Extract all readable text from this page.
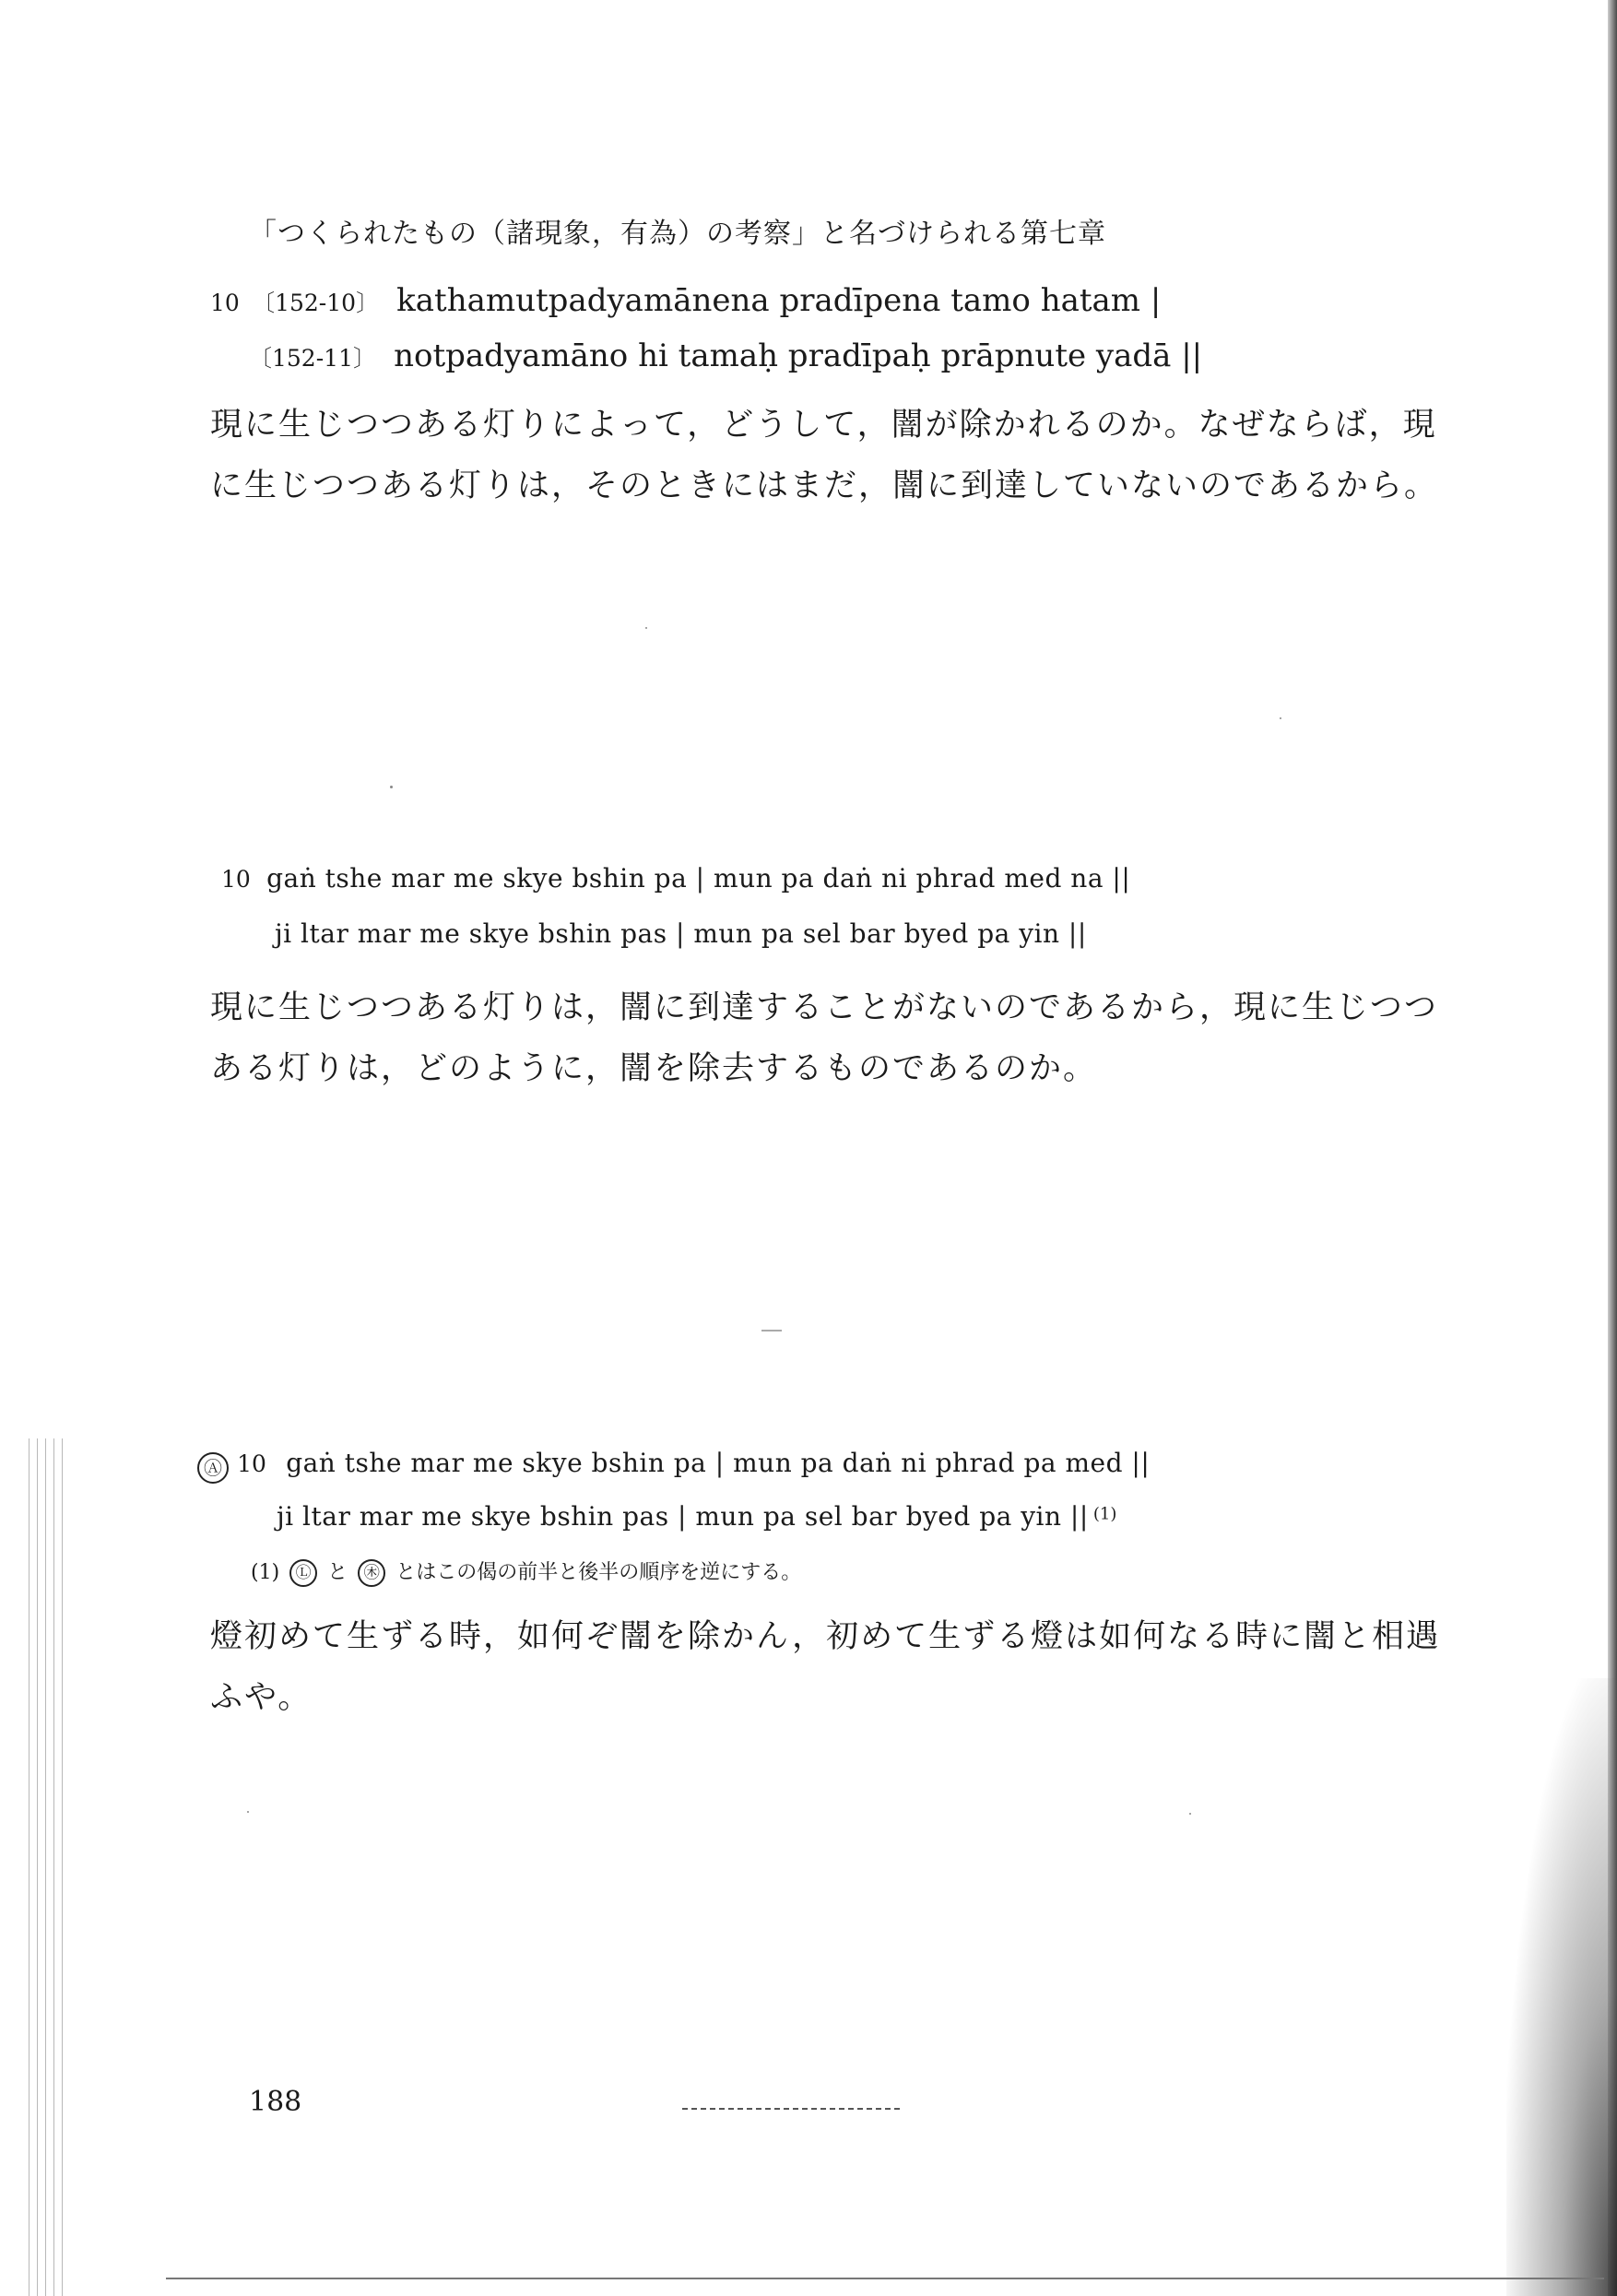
「つくられたもの（諸現象，有為）の考察」と名づけられる第七章
10 〔152-10〕 kathamutpadyamānena pradīpena tamo hatam |
〔152-11〕 notpadyamāno hi tamaḥ pradīpaḥ prāpnute yadā ||
現に生じつつある灯りによって，どうして，闇が除かれるのか。なぜならば，現に生じつつある灯りは，そのときにはまだ，闇に到達していないのであるから。
10 gaṅ tshe mar me skye bshin pa | mun pa daṅ ni phrad med na ||
ji ltar mar me skye bshin pas | mun pa sel bar byed pa yin ||
現に生じつつある灯りは，闇に到達することがないのであるから，現に生じつつある灯りは，どのように，闇を除去するものであるのか。
Ⓐ 10 gaṅ tshe mar me skye bshin pa | mun pa daṅ ni phrad pa med ||
ji ltar mar me skye bshin pas | mun pa sel bar byed pa yin || (1)
(1) Ⓛ と ㊍ とはこの偈の前半と後半の順序を逆にする。
燈初めて生ずる時，如何ぞ闇を除かん，初めて生ずる燈は如何なる時に闇と相遇ふや。
188
